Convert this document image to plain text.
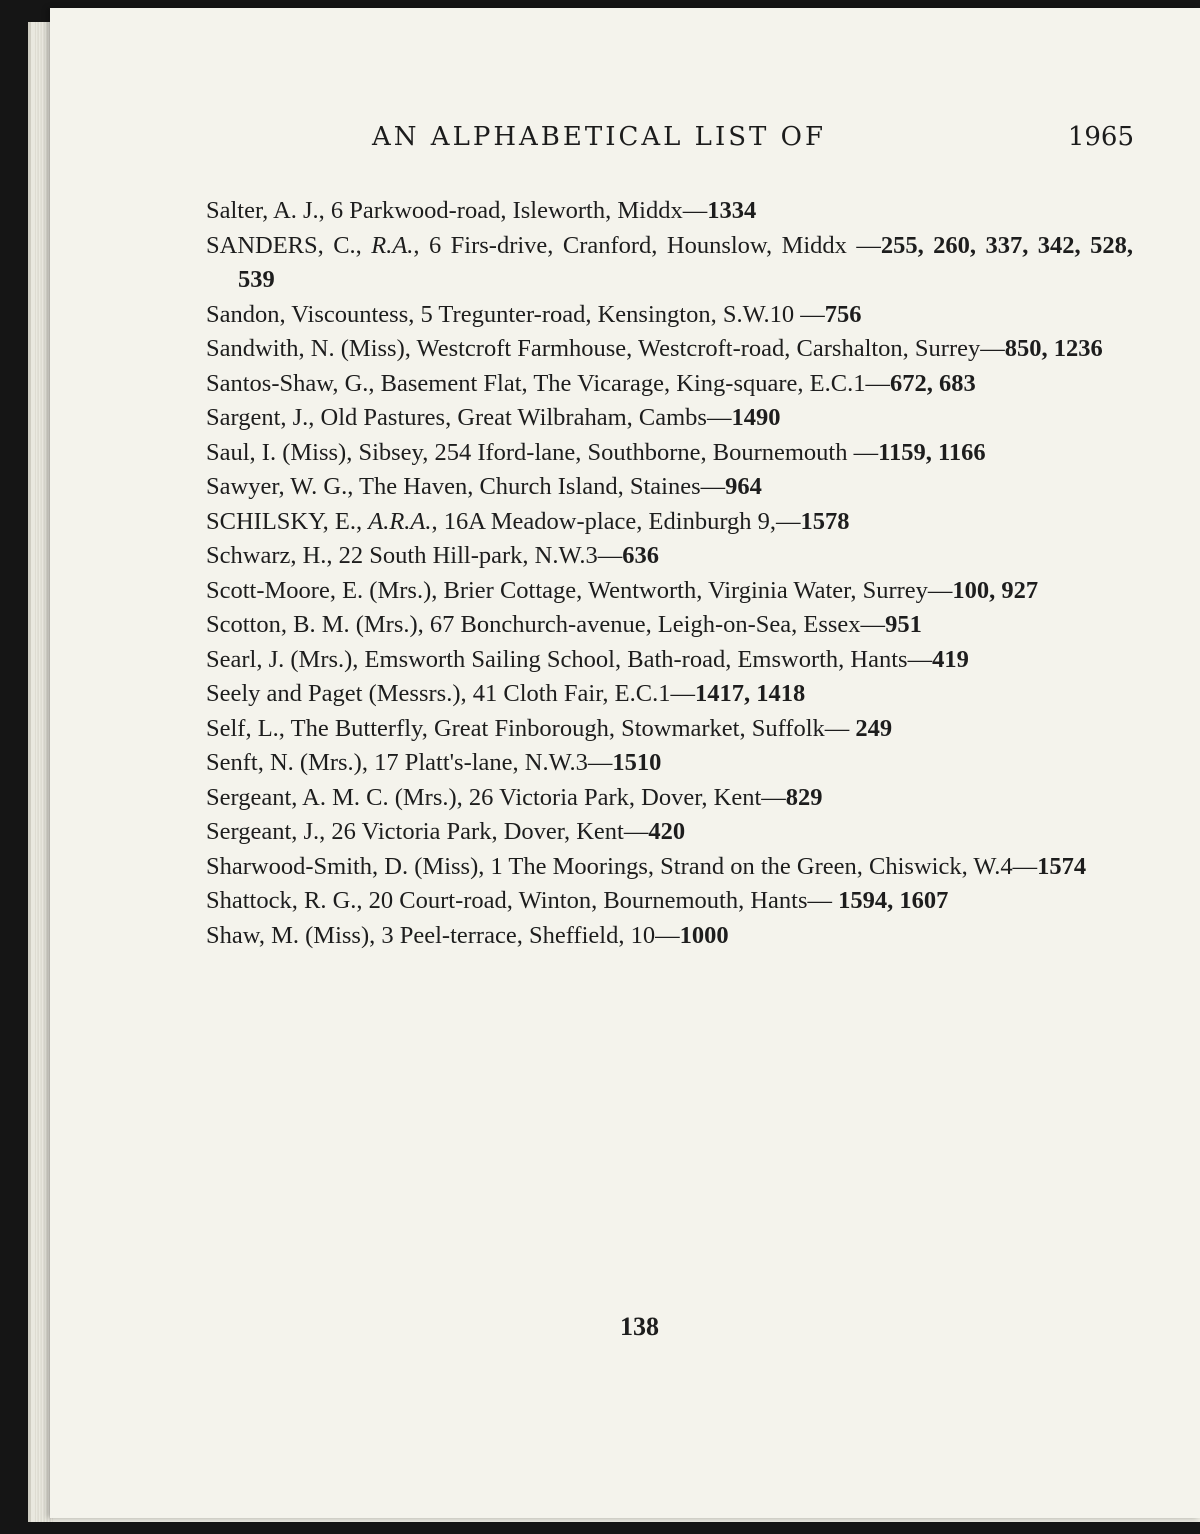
AN ALPHABETICAL LIST OF	1965
Salter, A. J., 6 Parkwood-road, Isleworth, Middx—1334
SANDERS, C., R.A., 6 Firs-drive, Cranford, Hounslow, Middx —255, 260, 337, 342, 528, 539
Sandon, Viscountess, 5 Tregunter-road, Kensington, S.W.10 —756
Sandwith, N. (Miss), Westcroft Farmhouse, Westcroft-road, Carshalton, Surrey—850, 1236
Santos-Shaw, G., Basement Flat, The Vicarage, King-square, E.C.1—672, 683
Sargent, J., Old Pastures, Great Wilbraham, Cambs—1490
Saul, I. (Miss), Sibsey, 254 Iford-lane, Southborne, Bournemouth —1159, 1166
Sawyer, W. G., The Haven, Church Island, Staines—964
SCHILSKY, E., A.R.A., 16A Meadow-place, Edinburgh 9,—1578
Schwarz, H., 22 South Hill-park, N.W.3—636
Scott-Moore, E. (Mrs.), Brier Cottage, Wentworth, Virginia Water, Surrey—100, 927
Scotton, B. M. (Mrs.), 67 Bonchurch-avenue, Leigh-on-Sea, Essex—951
Searl, J. (Mrs.), Emsworth Sailing School, Bath-road, Emsworth, Hants—419
Seely and Paget (Messrs.), 41 Cloth Fair, E.C.1—1417, 1418
Self, L., The Butterfly, Great Finborough, Stowmarket, Suffolk— 249
Senft, N. (Mrs.), 17 Platt's-lane, N.W.3—1510
Sergeant, A. M. C. (Mrs.), 26 Victoria Park, Dover, Kent—829
Sergeant, J., 26 Victoria Park, Dover, Kent—420
Sharwood-Smith, D. (Miss), 1 The Moorings, Strand on the Green, Chiswick, W.4—1574
Shattock, R. G., 20 Court-road, Winton, Bournemouth, Hants— 1594, 1607
Shaw, M. (Miss), 3 Peel-terrace, Sheffield, 10—1000
138
